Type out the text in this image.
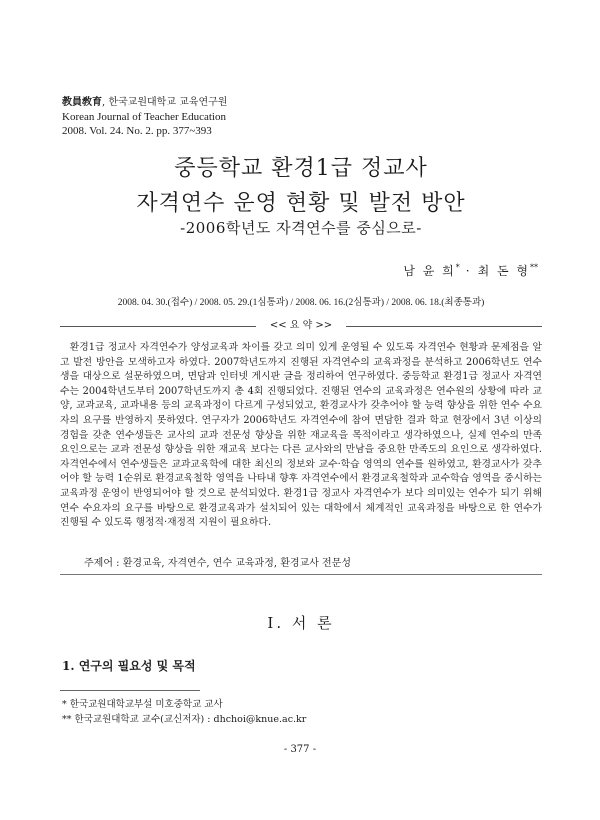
教員敎育, 한국교원대학교 교육연구원
Korean Journal of Teacher Education
2008. Vol. 24. No. 2. pp. 377~393
중등학교 환경1급 정교사
자격연수 운영 현황 및 발전 방안
-2006학년도 자격연수를 중심으로-
남 윤 희* · 최 돈 형**
2008. 04. 30.(접수) / 2008. 05. 29.(1심통과) / 2008. 06. 16.(2심통과) / 2008. 06. 18.(최종통과)
<< 요 약 >>

환경1급 정교사 자격연수가 양성교육과 차이를 갖고 의미 있게 운영될 수 있도록 자격연수 현황과 문제점을 알고 발전 방안을 모색하고자 하였다. 2007학년도까지 진행된 자격연수의 교육과정을 분석하고 2006학년도 연수생을 대상으로 설문하였으며, 면담과 인터넷 게시판 글을 정리하여 연구하였다. 중등학교 환경1급 정교사 자격연수는 2004학년도부터 2007학년도까지 총 4회 진행되었다. 진행된 연수의 교육과정은 연수원의 상황에 따라 교양, 교과교육, 교과내용 등의 교육과정이 다르게 구성되었고, 환경교사가 갖추어야 할 능력 향상을 위한 연수 수요자의 요구를 반영하지 못하였다. 연구자가 2006학년도 자격연수에 참여 면담한 결과 학교 현장에서 3년 이상의 경험을 갖춘 연수생들은 교사의 교과 전문성 향상을 위한 재교육을 목적이라고 생각하였으나, 실제 연수의 만족 요인으로는 교과 전문성 향상을 위한 재교육 보다는 다른 교사와의 만남을 중요한 만족도의 요인으로 생각하였다. 자격연수에서 연수생들은 교과교육학에 대한 최신의 정보와 교수·학습 영역의 연수를 원하였고, 환경교사가 갖추어야 할 능력 1순위로 환경교육철학 영역을 나타내 향후 자격연수에서 환경교육철학과 교수학습 영역을 중시하는 교육과정 운영이 반영되어야 할 것으로 분석되었다. 환경1급 정교사 자격연수가 보다 의미있는 연수가 되기 위해 연수 수요자의 요구를 바탕으로 환경교육과가 설치되어 있는 대학에서 체계적인 교육과정을 바탕으로 한 연수가 진행될 수 있도록 행정적·재정적 지원이 필요하다.

주제어 : 환경교육, 자격연수, 연수 교육과정, 환경교사 전문성
Ⅰ. 서 론
1. 연구의 필요성 및 목적
* 한국교원대학교부설 미호중학교 교사
** 한국교원대학교 교수(교신저자) : dhchoi@knue.ac.kr
- 377 -
